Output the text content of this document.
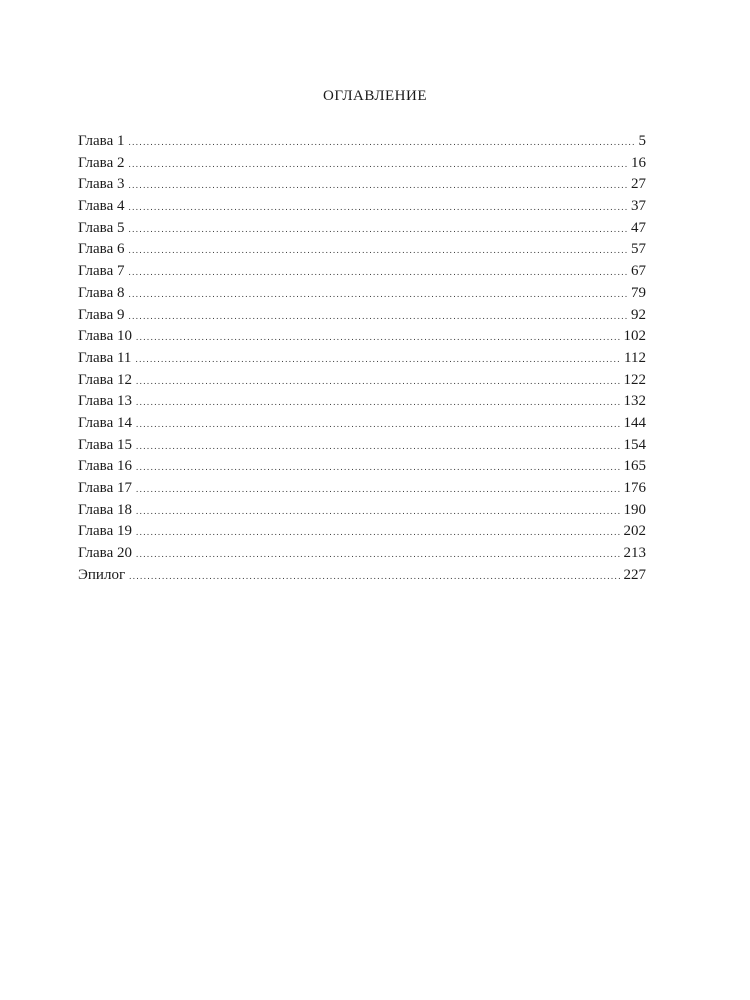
ОГЛАВЛЕНИЕ
Глава 1 .....	5
Глава 2 .....	16
Глава 3 .....	27
Глава 4 .....	37
Глава 5 .....	47
Глава 6 .....	57
Глава 7 .....	67
Глава 8 .....	79
Глава 9 .....	92
Глава 10 .....	102
Глава 11 .....	112
Глава 12 .....	122
Глава 13 .....	132
Глава 14 .....	144
Глава 15 .....	154
Глава 16 .....	165
Глава 17 .....	176
Глава 18 .....	190
Глава 19 .....	202
Глава 20 .....	213
Эпилог .....	227
